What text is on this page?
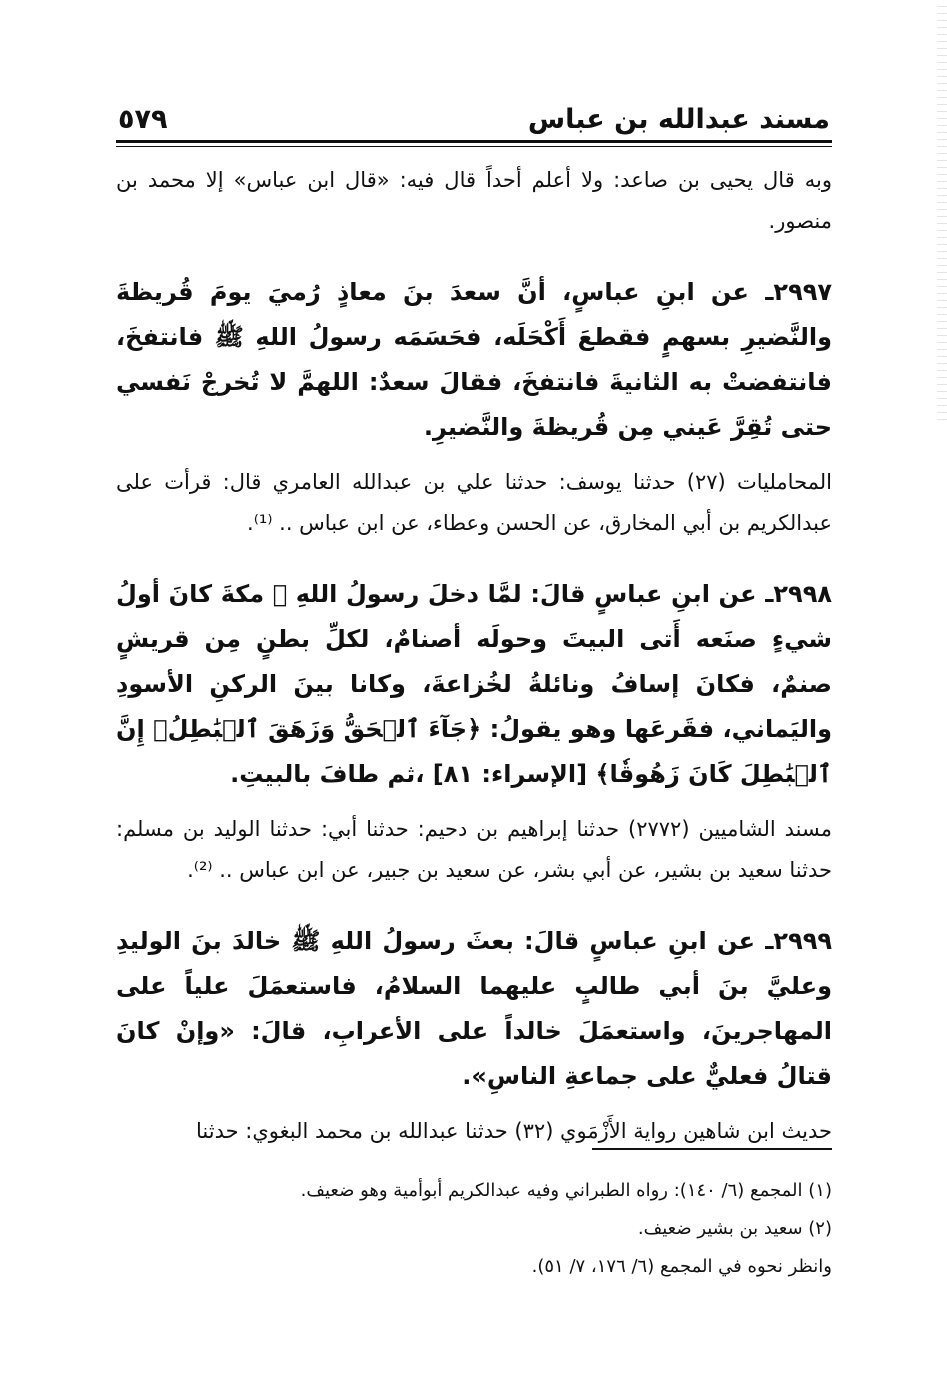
مسند عبدالله بن عباس
٥٧٩

وبه قال يحيى بن صاعد: ولا أعلم أحداً قال فيه: «قال ابن عباس» إلا محمد بن منصور.

٢٩٩٧ـ عن ابنِ عباسٍ، أنَّ سعدَ بنَ معاذٍ رُميَ يومَ قُريظةَ والنَّضيرِ بسهمٍ فقطعَ أَكْحَلَه، فحَسَمَه رسولُ اللهِ ﷺ فانتفخَ، فانتفضتْ به الثانيةَ فانتفخَ، فقالَ سعدٌ: اللهمَّ لا تُخرجْ نَفسي حتى تُقِرَّ عَيني مِن قُريظةَ والنَّضيرِ.

المحامليات (٢٧) حدثنا يوسف: حدثنا علي بن عبدالله العامري قال: قرأت على عبدالكريم بن أبي المخارق، عن الحسن وعطاء، عن ابن عباس .. ⁽¹⁾.

٢٩٩٨ـ عن ابنِ عباسٍ قالَ: لمَّا دخلَ رسولُ اللهِ ﷺ مكةَ كانَ أولُ شيءٍ صنَعه أَتى البيتَ وحولَه أصنامٌ، لكلِّ بطنٍ مِن قريشٍ صنمٌ، فكانَ إسافُ ونائلةُ لخُزاعةَ، وكانا بينَ الركنِ الأسودِ واليَماني، فقَرعَها وهو يقولُ: ﴿جَآءَ ٱلۡحَقُّ وَزَهَقَ ٱلۡبَٰطِلُۚ إِنَّ ٱلۡبَٰطِلَ كَانَ زَهُوقٗا﴾ [الإسراء: ٨١] ،ثم طافَ بالبيتِ.

مسند الشاميين (٢٧٧٢) حدثنا إبراهيم بن دحيم: حدثنا أبي: حدثنا الوليد بن مسلم: حدثنا سعيد بن بشير، عن أبي بشر، عن سعيد بن جبير، عن ابن عباس .. ⁽²⁾.

٢٩٩٩ـ عن ابنِ عباسٍ قالَ: بعثَ رسولُ اللهِ ﷺ خالدَ بنَ الوليدِ وعليَّ بنَ أبي طالبٍ عليهما السلامُ، فاستعمَلَ علياً على المهاجرينَ، واستعمَلَ خالداً على الأعرابِ، قالَ: «وإنْ كانَ قتالُ فعليٌّ على جماعةِ الناسِ».

حديث ابن شاهين رواية الأَزْمَوي (٣٢) حدثنا عبدالله بن محمد البغوي: حدثنا

(١) المجمع (٦/ ١٤٠): رواه الطبراني وفيه عبدالكريم أبوأمية وهو ضعيف.

(٢) سعيد بن بشير ضعيف.

وانظر نحوه في المجمع (٦/ ١٧٦، ٧/ ٥١).
